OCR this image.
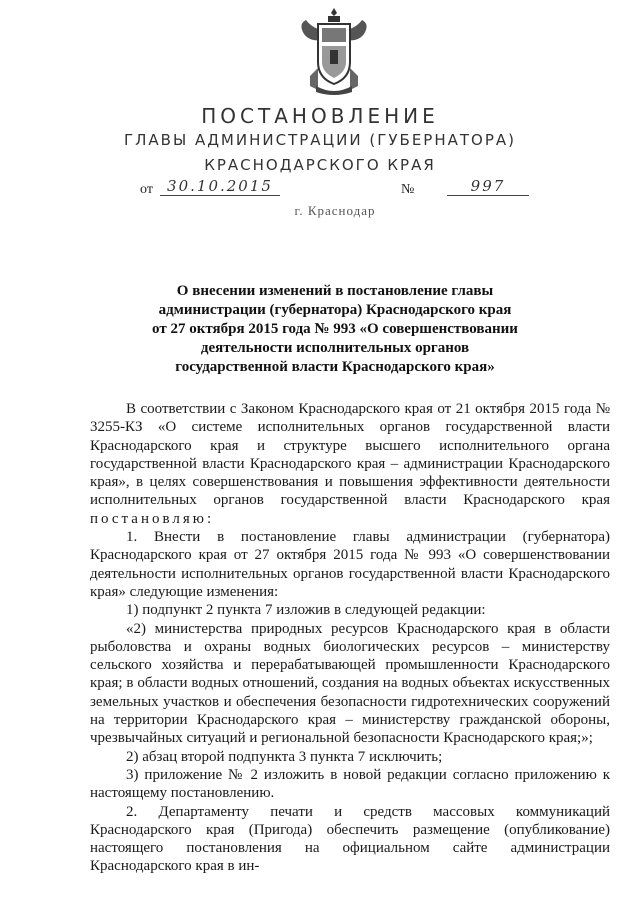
ПОСТАНОВЛЕНИЕ
ГЛАВЫ АДМИНИСТРАЦИИ (ГУБЕРНАТОРА)
КРАСНОДАРСКОГО КРАЯ
от 30.10.2015	№	997
г. Краснодар
О внесении изменений в постановление главы
администрации (губернатора) Краснодарского края
от 27 октября 2015 года № 993 «О совершенствовании
деятельности исполнительных органов
государственной власти Краснодарского края»

В соответствии с Законом Краснодарского края от 21 октября 2015 года № 3255-КЗ «О системе исполнительных органов государственной власти Краснодарского края и структуре высшего исполнительного органа государственной власти Краснодарского края – администрации Краснодарского края», в целях совершенствования и повышения эффективности деятельности исполнительных органов государственной власти Краснодарского края постановляю:

1. Внести в постановление главы администрации (губернатора) Краснодарского края от 27 октября 2015 года № 993 «О совершенствовании деятельности исполнительных органов государственной власти Краснодарского края» следующие изменения:

1) подпункт 2 пункта 7 изложив в следующей редакции:

«2) министерства природных ресурсов Краснодарского края в области рыболовства и охраны водных биологических ресурсов – министерству сельского хозяйства и перерабатывающей промышленности Краснодарского края; в области водных отношений, создания на водных объектах искусственных земельных участков и обеспечения безопасности гидротехнических сооружений на территории Краснодарского края – министерству гражданской обороны, чрезвычайных ситуаций и региональной безопасности Краснодарского края;»;

2) абзац второй подпункта 3 пункта 7 исключить;

3) приложение № 2 изложить в новой редакции согласно приложению к настоящему постановлению.

2. Департаменту печати и средств массовых коммуникаций Краснодарского края (Пригода) обеспечить размещение (опубликование) настоящего постановления на официальном сайте администрации Краснодарского края в ин-
